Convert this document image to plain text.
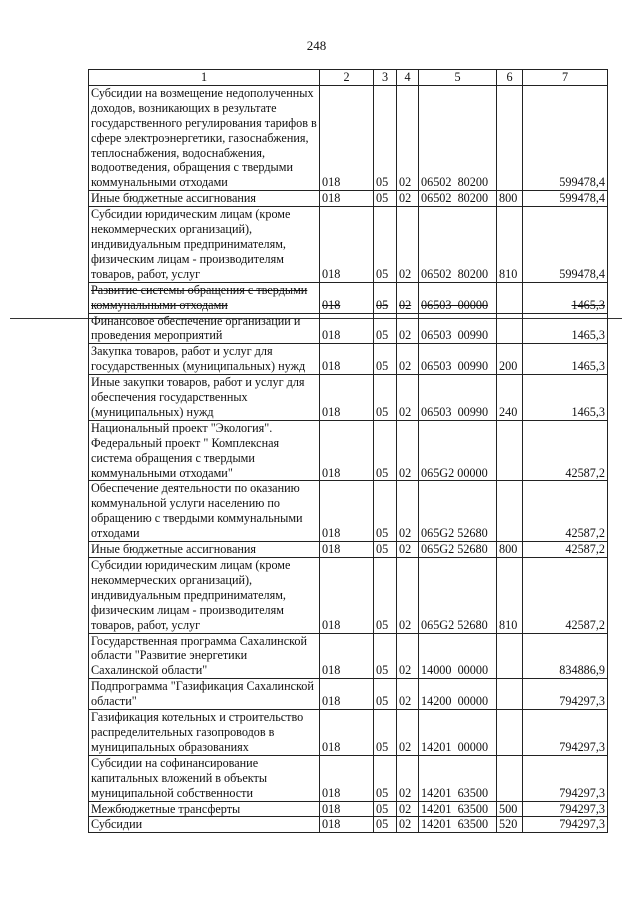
248
1	2	3	4	5	6	7
Субсидии на возмещение недополученных доходов, возникающих в результате государственного регулирования тарифов в сфере электроэнергетики, газоснабжения, теплоснабжения, водоснабжения, водоотведения, обращения с твердыми коммунальными отходами	018	05	02	06502  80200		599478,4
Иные бюджетные ассигнования	018	05	02	06502  80200	800	599478,4
Субсидии юридическим лицам (кроме некоммерческих организаций), индивидуальным предпринимателям, физическим лицам - производителям товаров, работ, услуг	018	05	02	06502  80200	810	599478,4
Развитие системы обращения с твердыми коммунальными отходами	018	05	02	06503  00000		1465,3
Финансовое обеспечение организации и проведения мероприятий	018	05	02	06503  00990		1465,3
Закупка товаров, работ и услуг для государственных (муниципальных) нужд	018	05	02	06503  00990	200	1465,3
Иные закупки товаров, работ и услуг для обеспечения государственных (муниципальных) нужд	018	05	02	06503  00990	240	1465,3
Национальный проект "Экология". Федеральный проект " Комплексная система обращения с твердыми коммунальными отходами"	018	05	02	065G2 00000		42587,2
Обеспечение деятельности по оказанию коммунальной услуги населению по обращению с твердыми коммунальными отходами	018	05	02	065G2 52680		42587,2
Иные бюджетные ассигнования	018	05	02	065G2 52680	800	42587,2
Субсидии юридическим лицам (кроме некоммерческих организаций), индивидуальным предпринимателям, физическим лицам - производителям товаров, работ, услуг	018	05	02	065G2 52680	810	42587,2
Государственная программа Сахалинской области "Развитие энергетики Сахалинской области"	018	05	02	14000  00000		834886,9
Подпрограмма "Газификация Сахалинской области"	018	05	02	14200  00000		794297,3
Газификация котельных и строительство распределительных газопроводов в муниципальных образованиях	018	05	02	14201  00000		794297,3
Субсидии на софинансирование капитальных вложений в объекты муниципальной собственности	018	05	02	14201  63500		794297,3
Межбюджетные трансферты	018	05	02	14201  63500	500	794297,3
Субсидии	018	05	02	14201  63500	520	794297,3
